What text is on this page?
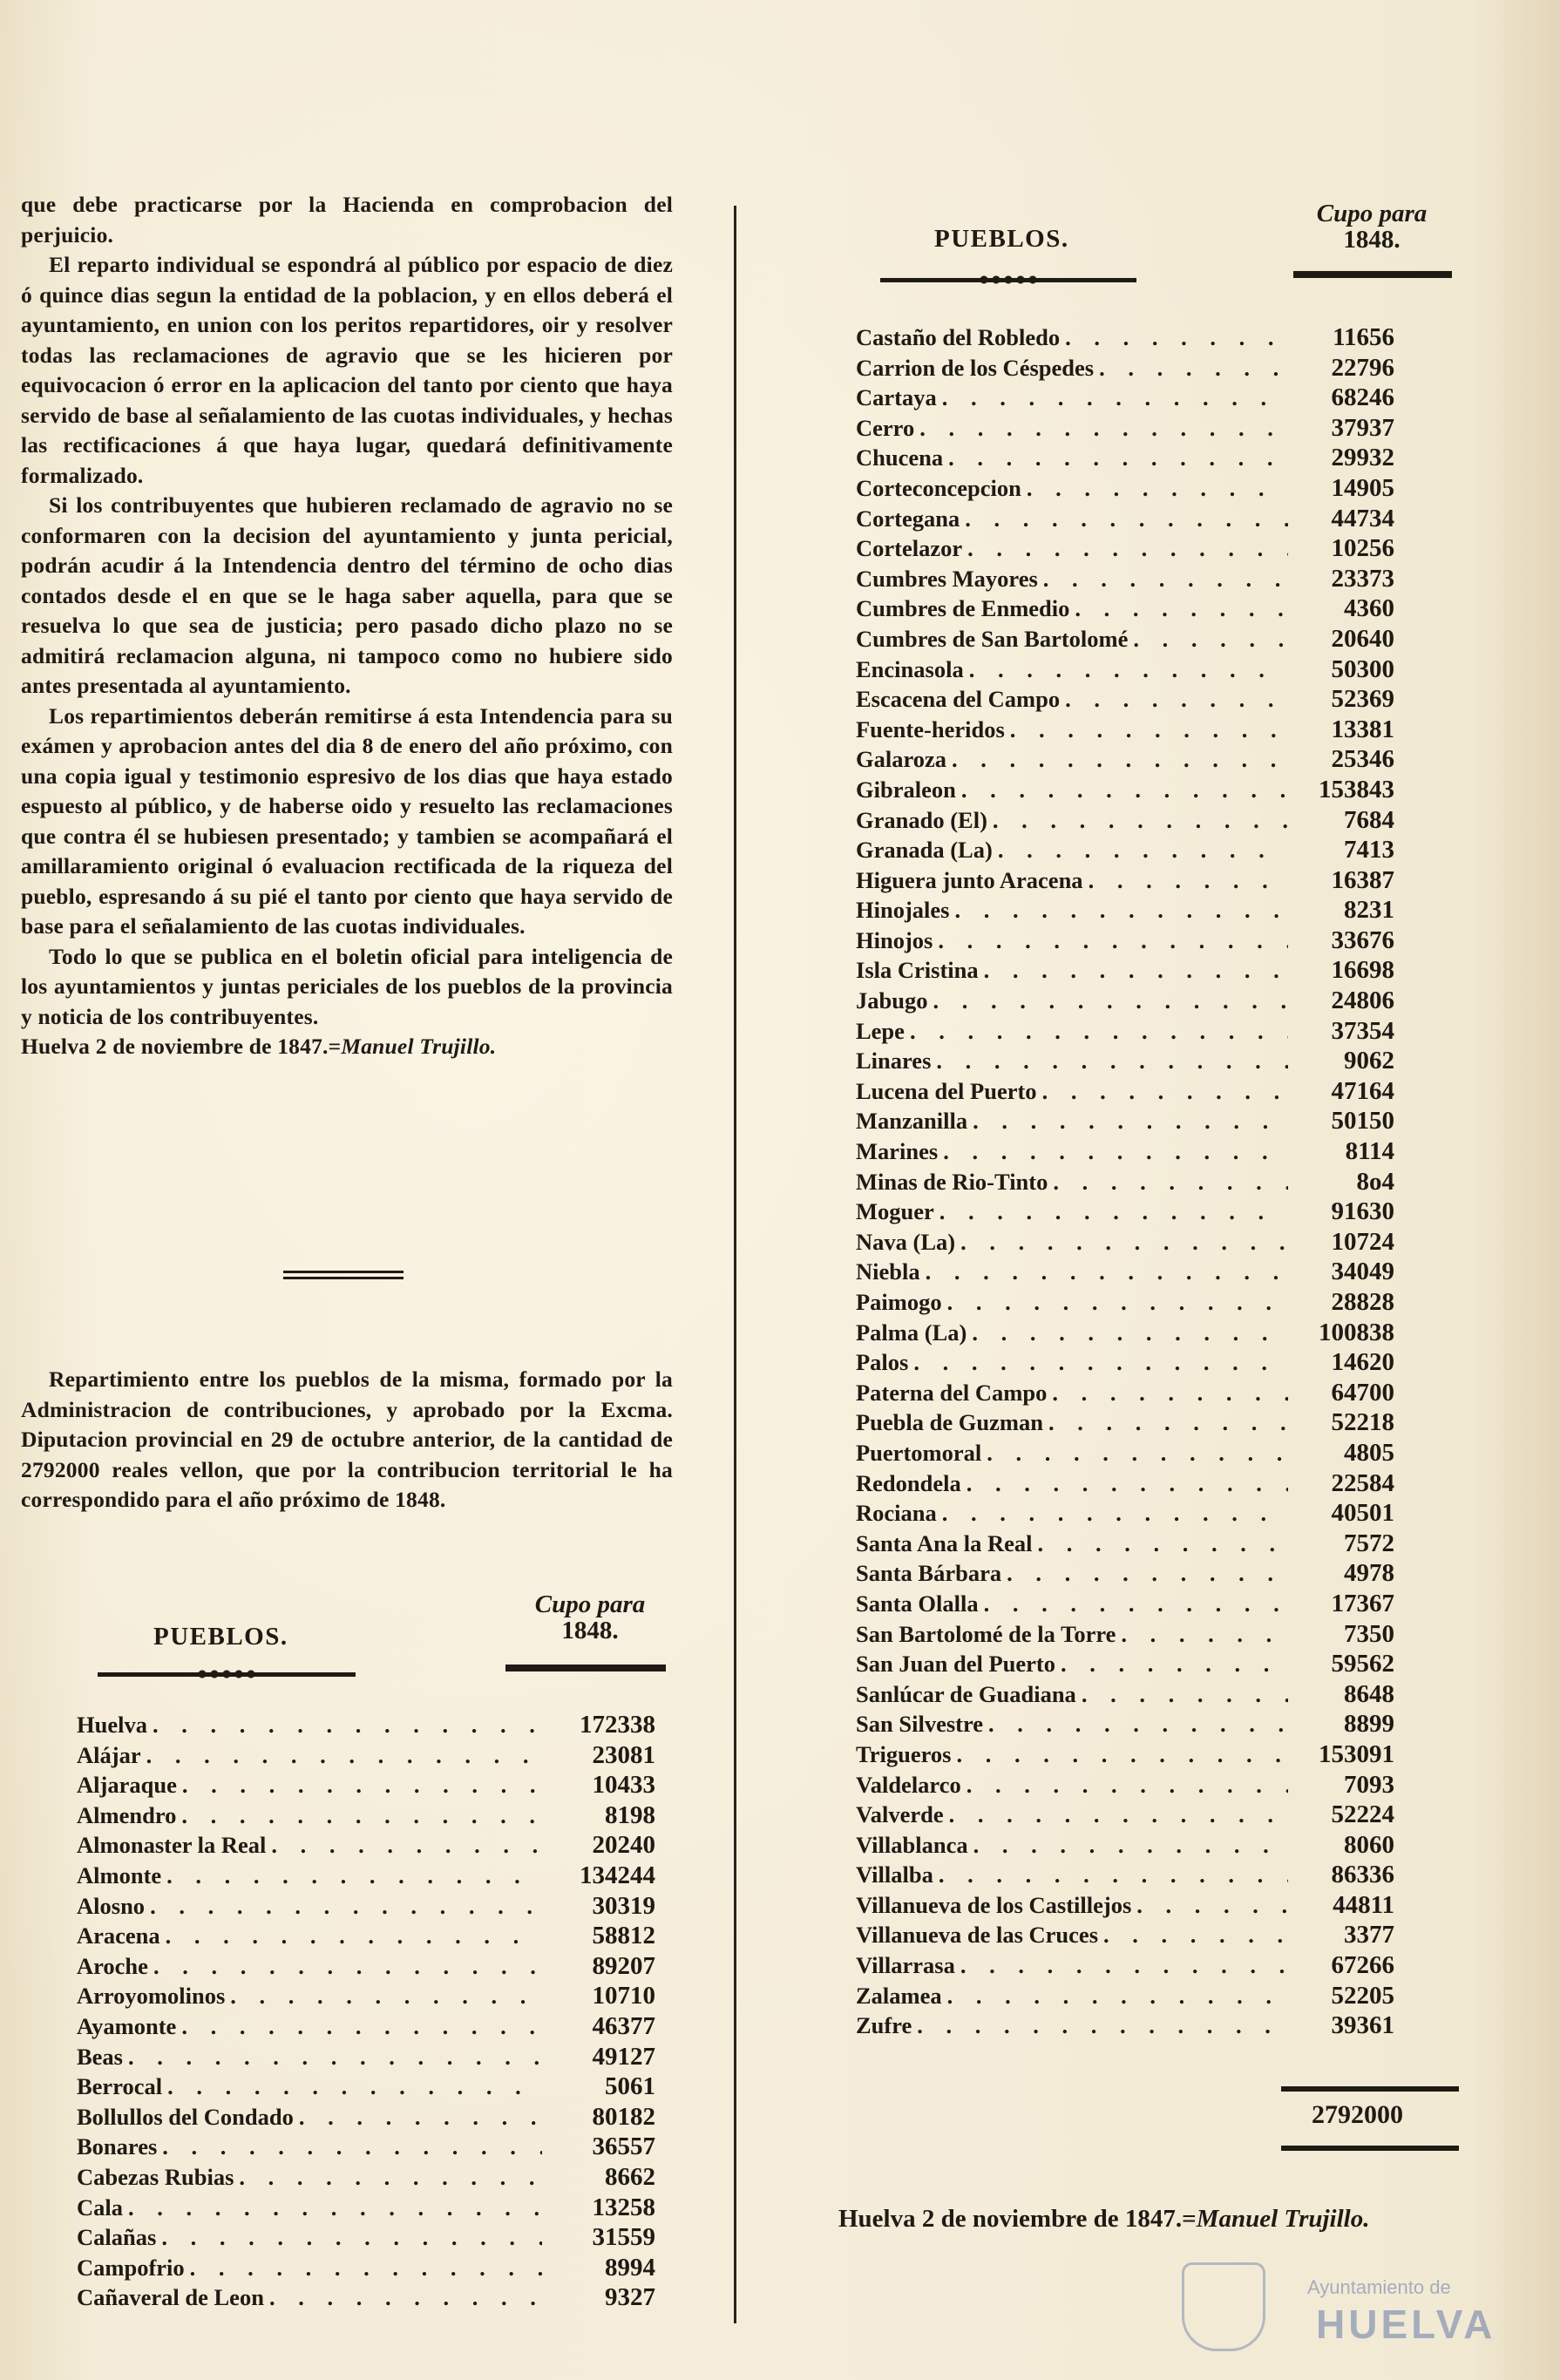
que debe practicarse por la Hacienda en comprobacion del perjuicio.

El reparto individual se espondrá al público por espacio de diez ó quince dias segun la entidad de la poblacion, y en ellos deberá el ayuntamiento, en union con los peritos repartidores, oir y resolver todas las reclamaciones de agravio que se les hicieren por equivocacion ó error en la aplicacion del tanto por ciento que haya servido de base al señalamiento de las cuotas individuales, y hechas las rectificaciones á que haya lugar, quedará definitivamente formalizado.

Si los contribuyentes que hubieren reclamado de agravio no se conformaren con la decision del ayuntamiento y junta pericial, podrán acudir á la Intendencia dentro del término de ocho dias contados desde el en que se le haga saber aquella, para que se resuelva lo que sea de justicia; pero pasado dicho plazo no se admitirá reclamacion alguna, ni tampoco como no hubiere sido antes presentada al ayuntamiento.

Los repartimientos deberán remitirse á esta Intendencia para su exámen y aprobacion antes del dia 8 de enero del año próximo, con una copia igual y testimonio espresivo de los dias que haya estado espuesto al público, y de haberse oido y resuelto las reclamaciones que contra él se hubiesen presentado; y tambien se acompañará el amillaramiento original ó evaluacion rectificada de la riqueza del pueblo, espresando á su pié el tanto por ciento que haya servido de base para el señalamiento de las cuotas individuales.

Todo lo que se publica en el boletin oficial para inteligencia de los ayuntamientos y juntas periciales de los pueblos de la provincia y noticia de los contribuyentes.

Huelva 2 de noviembre de 1847.=Manuel Trujillo.

Repartimiento entre los pueblos de la misma, formado por la Administracion de contribuciones, y aprobado por la Excma. Diputacion provincial en 29 de octubre anterior, de la cantidad de 2792000 reales vellon, que por la contribucion territorial le ha correspondido para el año próximo de 1848.

PUEBLOS.
Cupo para
1848.
Huelva . . .	172338
Alájar . . .	23081
Aljaraque . . .	10433
Almendro . . .	8198
Almonaster la Real . . .	20240
Almonte . . .	134244
Alosno . . .	30319
Aracena . . .	58812
Aroche . . .	89207
Arroyomolinos . . .	10710
Ayamonte . . .	46377
Beas . . .	49127
Berrocal . . .	5061
Bollullos del Condado . . .	80182
Bonares . . .	36557
Cabezas Rubias . . .	8662
Cala . . .	13258
Calañas . . .	31559
Campofrio . . .	8994
Cañaveral de Leon . . .	9327
PUEBLOS.
Cupo para
1848.
Castaño del Robledo . . .	11656
Carrion de los Céspedes . . .	22796
Cartaya . . .	68246
Cerro . . .	37937
Chucena . . .	29932
Corteconcepcion . . .	14905
Cortegana . . .	44734
Cortelazor . . .	10256
Cumbres Mayores . . .	23373
Cumbres de Enmedio . . .	4360
Cumbres de San Bartolomé . . .	20640
Encinasola . . .	50300
Escacena del Campo . . .	52369
Fuente-heridos . . .	13381
Galaroza . . .	25346
Gibraleon . . .	153843
Granado (El) . . .	7684
Granada (La) . . .	7413
Higuera junto Aracena . . .	16387
Hinojales . . .	8231
Hinojos . . .	33676
Isla Cristina . . .	16698
Jabugo . . .	24806
Lepe . . .	37354
Linares . . .	9062
Lucena del Puerto . . .	47164
Manzanilla . . .	50150
Marines . . .	8114
Minas de Rio-Tinto . . .	8o4
Moguer . . .	91630
Nava (La) . . .	10724
Niebla . . .	34049
Paimogo . . .	28828
Palma (La) . . .	100838
Palos . . .	14620
Paterna del Campo . . .	64700
Puebla de Guzman . . .	52218
Puertomoral . . .	4805
Redondela . . .	22584
Rociana . . .	40501
Santa Ana la Real . . .	7572
Santa Bárbara . . .	4978
Santa Olalla . . .	17367
San Bartolomé de la Torre . . .	7350
San Juan del Puerto . . .	59562
Sanlúcar de Guadiana . . .	8648
San Silvestre . . .	8899
Trigueros . . .	153091
Valdelarco . . .	7093
Valverde . . .	52224
Villablanca . . .	8060
Villalba . . .	86336
Villanueva de los Castillejos . . .	44811
Villanueva de las Cruces . . .	3377
Villarrasa . . .	67266
Zalamea . . .	52205
Zufre . . .	39361
2792000
Huelva 2 de noviembre de 1847.=Manuel Trujillo.
Ayuntamiento de
HUELVA
